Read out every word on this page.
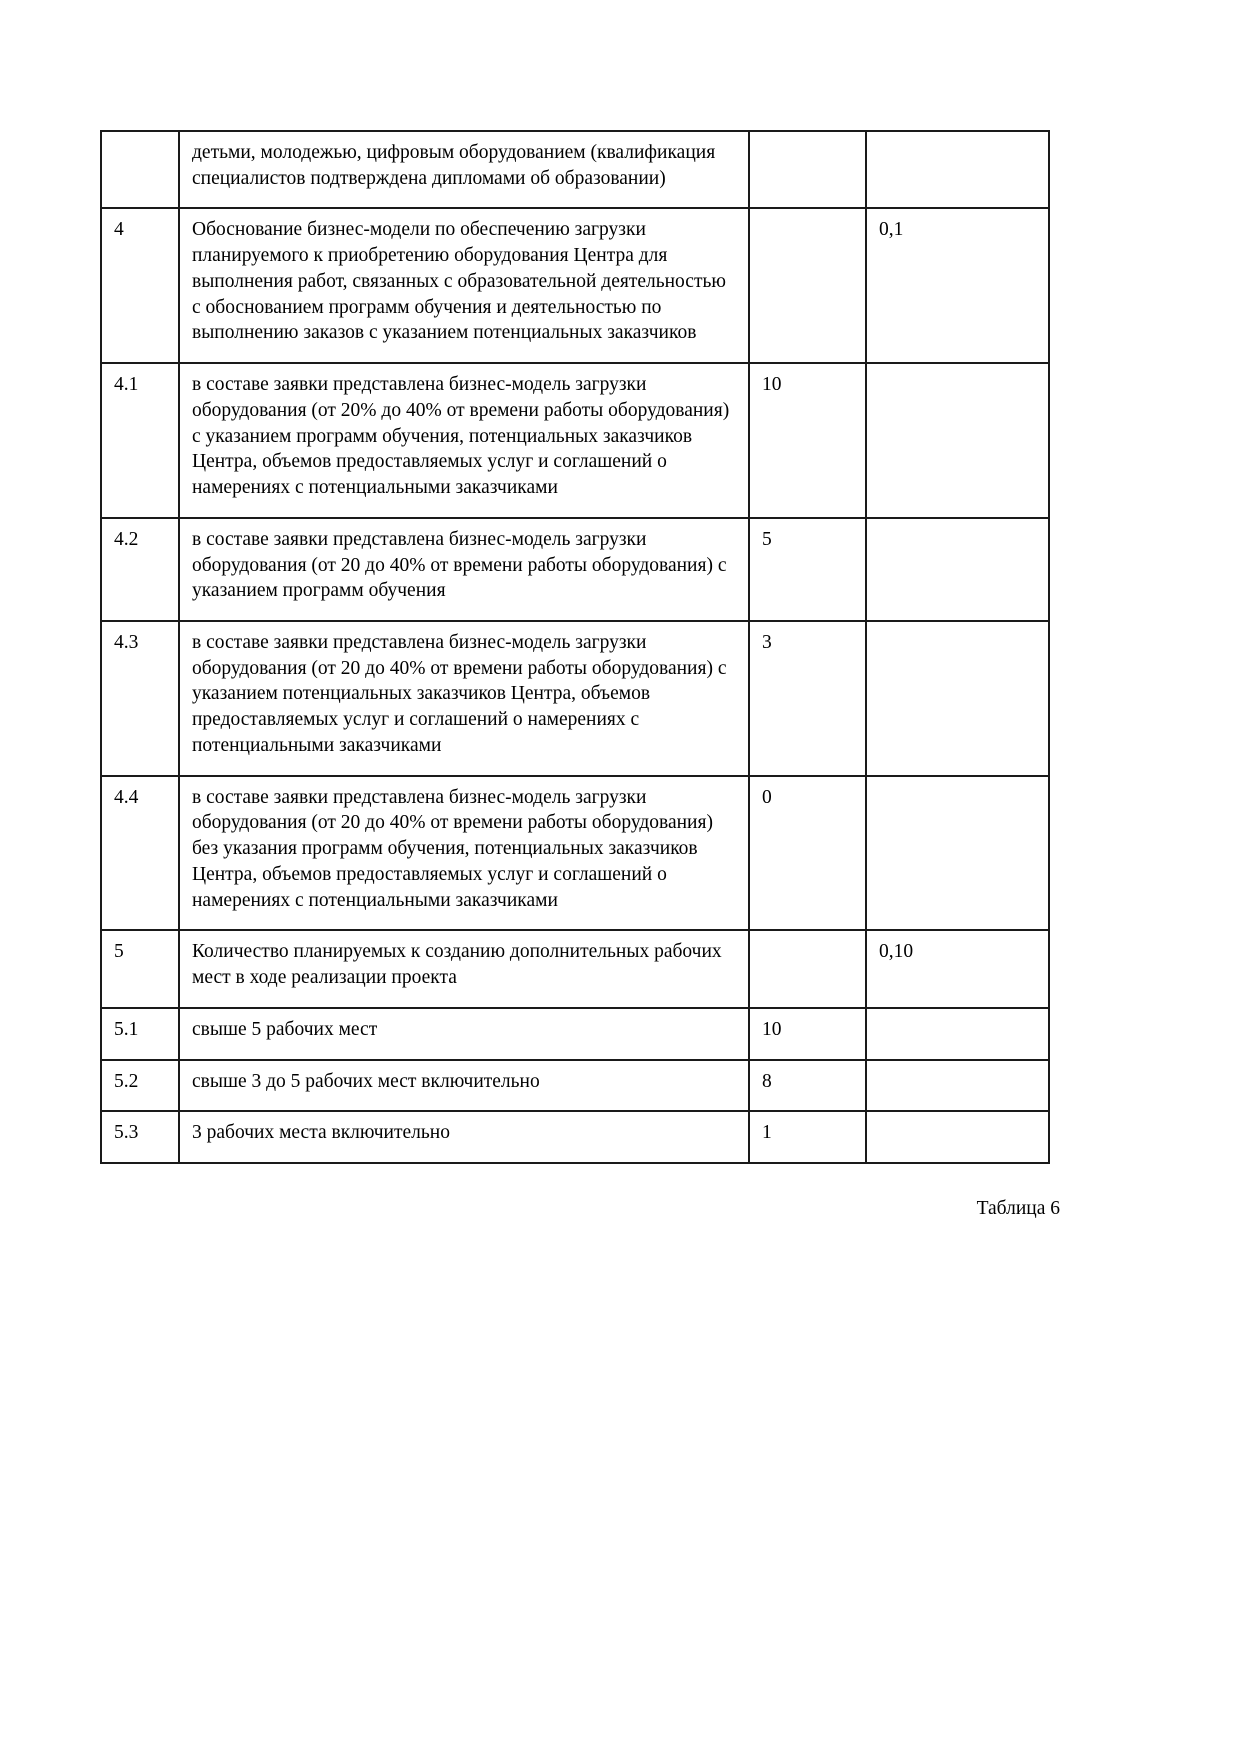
	детьми, молодежью, цифровым оборудованием (квалификация специалистов подтверждена дипломами об образовании)		
4	Обоснование бизнес-модели по обеспечению загрузки планируемого к приобретению оборудования Центра для выполнения работ, связанных с образовательной деятельностью с обоснованием программ обучения и деятельностью по выполнению заказов с указанием потенциальных заказчиков		0,1
4.1	в составе заявки представлена бизнес-модель загрузки оборудования (от 20% до 40% от времени работы оборудования) с указанием программ обучения, потенциальных заказчиков Центра, объемов предоставляемых услуг и соглашений о намерениях с потенциальными заказчиками	10	
4.2	в составе заявки представлена бизнес-модель загрузки оборудования (от 20 до 40% от времени работы оборудования) с указанием программ обучения	5	
4.3	в составе заявки представлена бизнес-модель загрузки оборудования (от 20 до 40% от времени работы оборудования) с указанием потенциальных заказчиков Центра, объемов предоставляемых услуг и соглашений о намерениях с потенциальными заказчиками	3	
4.4	в составе заявки представлена бизнес-модель загрузки оборудования (от 20 до 40% от времени работы оборудования) без указания программ обучения, потенциальных заказчиков Центра, объемов предоставляемых услуг и соглашений о намерениях с потенциальными заказчиками	0	
5	Количество планируемых к созданию дополнительных рабочих мест в ходе реализации проекта		0,10
5.1	свыше 5 рабочих мест	10	
5.2	свыше 3 до 5 рабочих мест включительно	8	
5.3	3 рабочих места включительно	1	
Таблица 6
